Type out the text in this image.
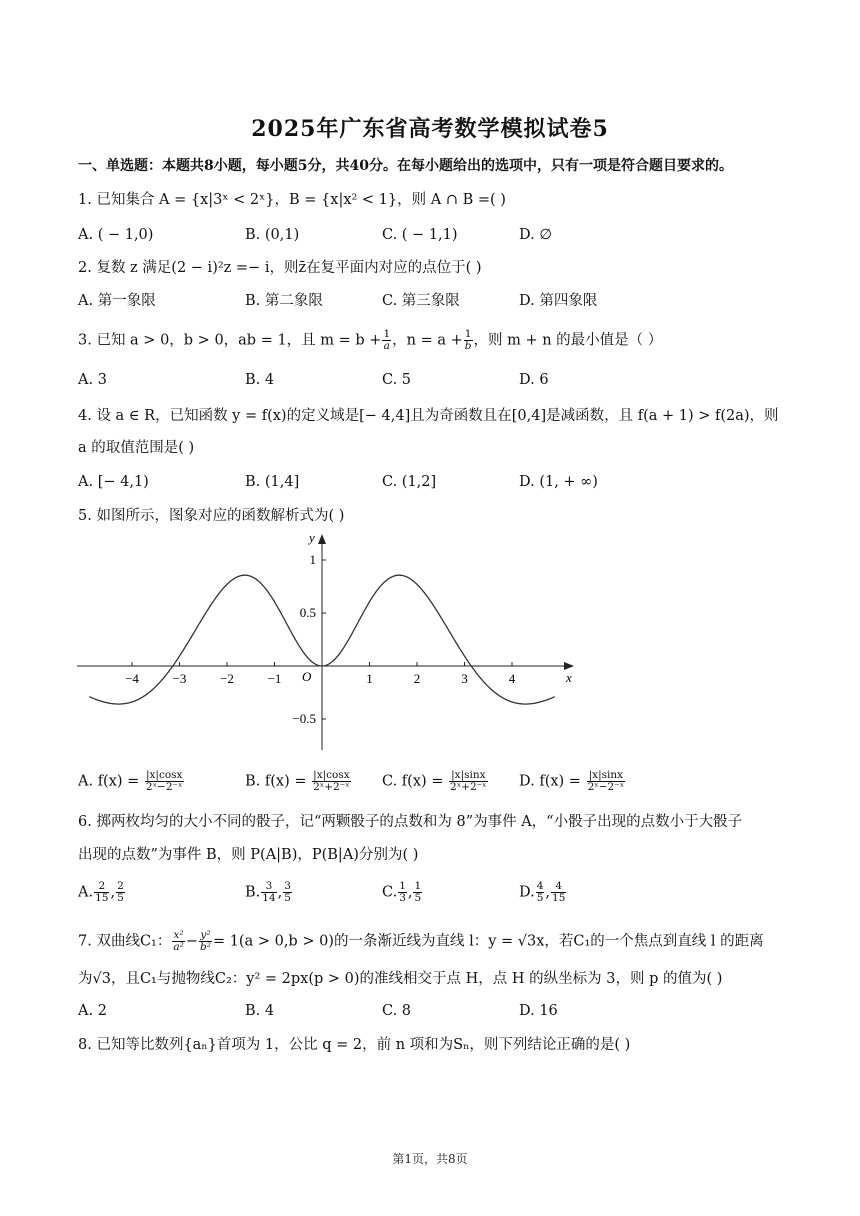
2025年广东省高考数学模拟试卷5
一、单选题：本题共8小题，每小题5分，共40分。在每小题给出的选项中，只有一项是符合题目要求的。
1. 已知集合 A = {x|3ˣ < 2ˣ}，B = {x|x² < 1}，则 A ∩ B =( )
A. ( − 1,0)	B. (0,1)	C. ( − 1,1)	D. ∅
2. 复数 z 满足(2 − i)²z =− i，则z̄在复平面内对应的点位于( )
A. 第一象限	B. 第二象限	C. 第三象限	D. 第四象限
3. 已知 a > 0，b > 0，ab = 1，且 $m = b + \frac{1}{a}$ ，$n = a + \frac{1}{b}$ ，则 m + n 的最小值是（ ）
A. 3	B. 4	C. 5	D. 6
4. 设 a ∈ R，已知函数 y = f(x)的定义域是[− 4,4]且为奇函数且在[0,4]是减函数，且 f(a + 1) > f(2a)，则
a 的取值范围是( )
A. [− 4,1)	B. (1,4]	C. (1,2]	D. (1, + ∞)
5. 如图所示，图象对应的函数解析式为( )
−4	−3	−2	−1	1	2	3	4
1
0.5
−0.5
x
y
O
A. $f(x) = \frac{|x|\cos x}{\text{2ˣ−2⁻ˣ}}$	B. $f(x) = \frac{|x|\cos x}{\text{2ˣ+2⁻ˣ}} C$. $f(x) = \frac{|x|\sin x}{\text{2ˣ+2⁻ˣ}} D$. $f(x) = \frac{|x|\sin x}{\text{2ˣ−2⁻ˣ}}$
6. 掷两枚均匀的大小不同的骰子，记“两颗骰子的点数和为 8”为事件 A，“小骰子出现的点数小于大骰子
出现的点数”为事件 B，则 P(A|B)，P(B|A)分别为( )
A. $\frac{2}{15}$ , $\frac{2}{5}$	B. $\frac{3}{14}$ , $\frac{3}{5}$	C. $\frac{1}{3}$ , $\frac{1}{5}$	D. $\frac{4}{5}$ , $\frac{4}{15}$
7. 双曲线C₁： $\frac{\text{x²}}{\text{a²}} - \frac{\text{y²}}{\text{b²}} = 1(a > 0,b > 0)$的一条渐近线为直线 l：y = √3x，若C₁的一个焦点到直线 l 的距离
为√3，且C₁与抛物线C₂：y² = 2px(p > 0)的准线相交于点 H，点 H 的纵坐标为 3，则 p 的值为( )
A. 2	B. 4	C. 8	D. 16
8. 已知等比数列{aₙ}首项为 1，公比 q = 2，前 n 项和为Sₙ，则下列结论正确的是( )
第1页，共8页
